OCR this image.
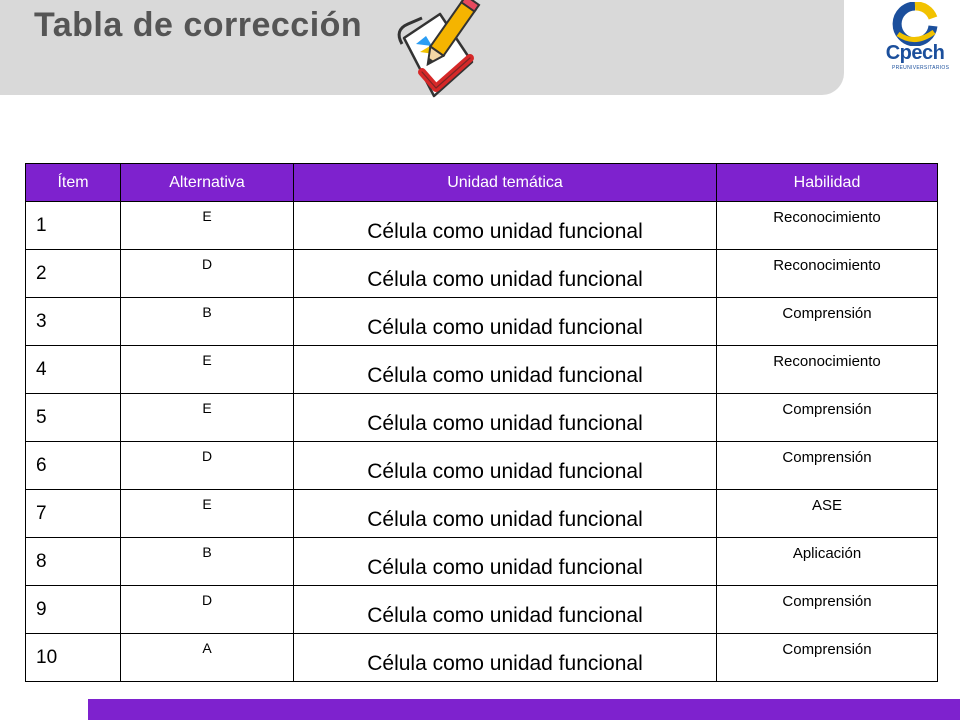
Tabla de corrección
Cpech
PREUNIVERSITARIOS
Ítem	Alternativa	Unidad temática	Habilidad
1	E	Célula como unidad funcional	Reconocimiento
2	D	Célula como unidad funcional	Reconocimiento
3	B	Célula como unidad funcional	Comprensión
4	E	Célula como unidad funcional	Reconocimiento
5	E	Célula como unidad funcional	Comprensión
6	D	Célula como unidad funcional	Comprensión
7	E	Célula como unidad funcional	ASE
8	B	Célula como unidad funcional	Aplicación
9	D	Célula como unidad funcional	Comprensión
10	A	Célula como unidad funcional	Comprensión
